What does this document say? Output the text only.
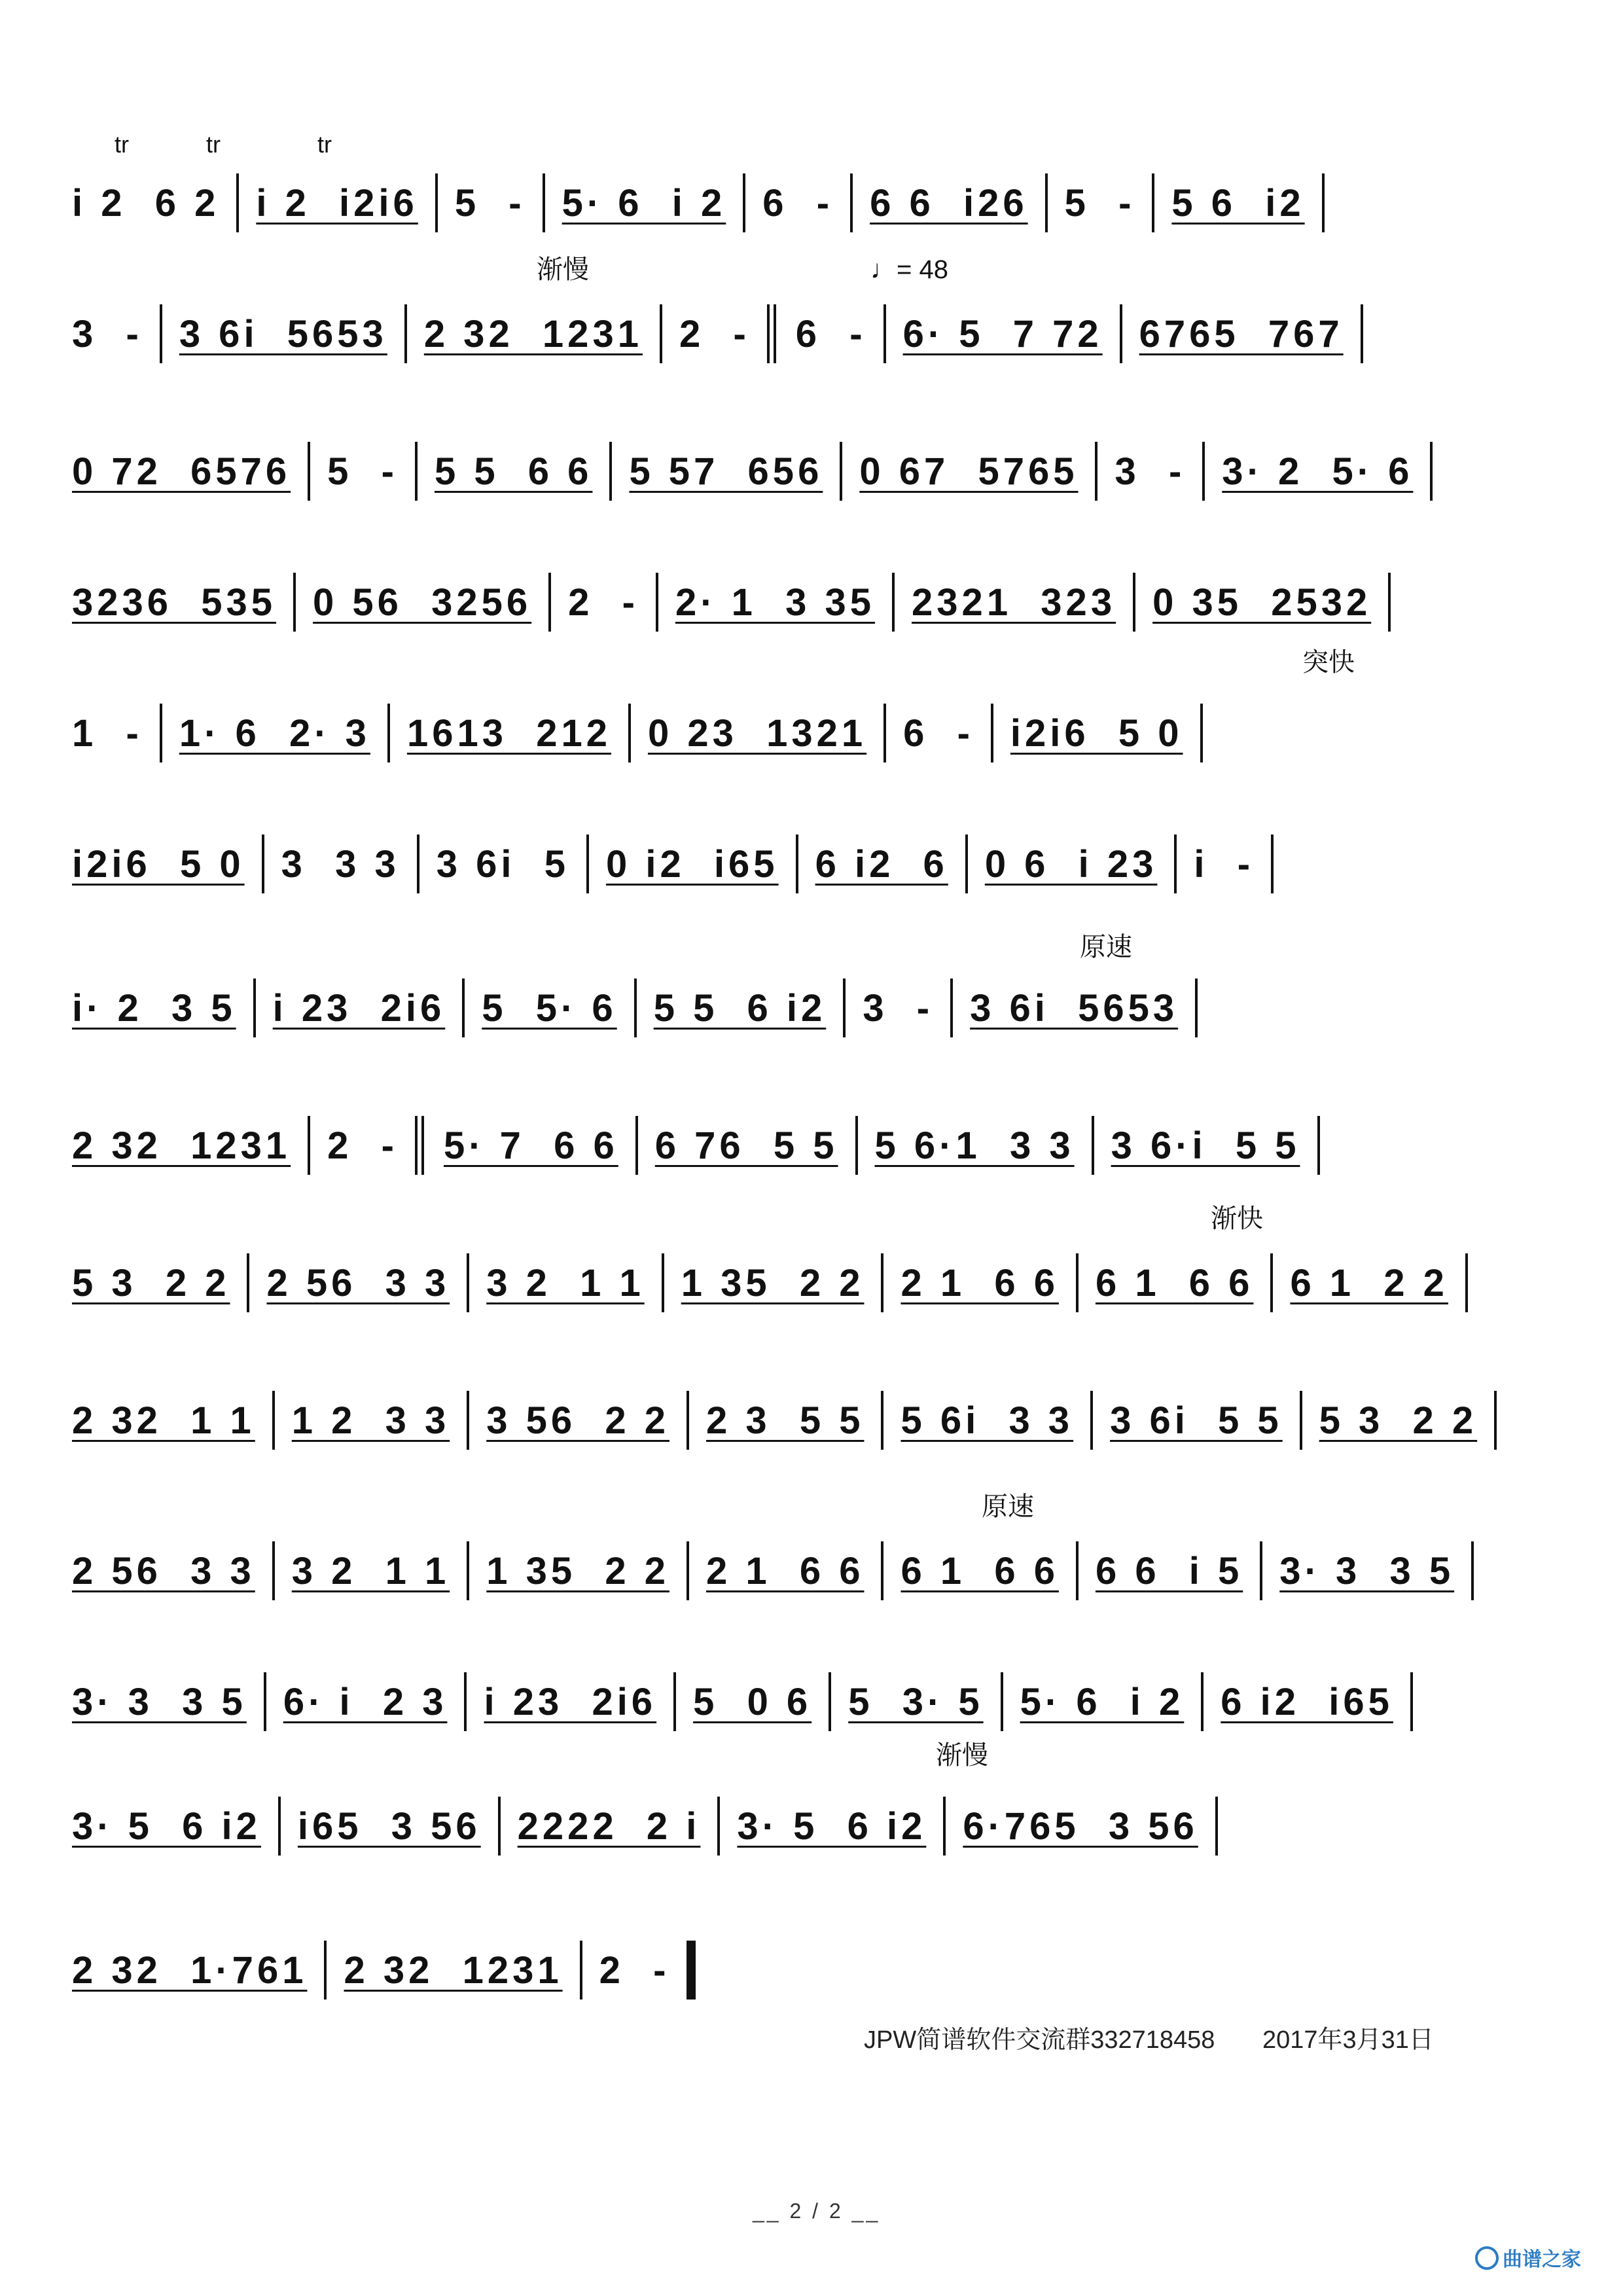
tr	tr	tr
i 2  6 2 i 2  i2i6 5  - 5· 6  i 2 6  - 6 6  i26 5  - 5 6  i2
渐慢	♩= 48
3  - 3 6i  5653 2 32  1231 2  - 6  - 6· 5  7 72 6765  767
0 72  6576 5  - 5 5  6 6 5 57  656 0 67  5765 3  - 3· 2  5· 6
3236  535 0 56  3256 2  - 2· 1  3 35 2321  323 0 35  2532
突快
1  - 1· 6  2· 3 1613  212 0 23  1321 6  - i2i6  5 0
i2i6  5 0 3  3 3 3 6i  5 0 i2  i65 6 i2  6 0 6  i 23 i  -
原速
i· 2  3 5 i 23  2i6 5  5· 6 5 5  6 i2 3  - 3 6i  5653
2 32  1231 2  - 5· 7  6 6 6 76  5 5 5 6·1  3 3 3 6·i  5 5
渐快
5 3  2 2 2 56  3 3 3 2  1 1 1 35  2 2 2 1  6 6 6 1  6 6 6 1  2 2
2 32  1 1 1 2  3 3 3 56  2 2 2 3  5 5 5 6i  3 3 3 6i  5 5 5 3  2 2
原速
2 56  3 3 3 2  1 1 1 35  2 2 2 1  6 6 6 1  6 6 6 6  i 5 3· 3  3 5
3· 3  3 5 6· i  2 3 i 23  2i6 5  0 6 5  3· 5 5· 6  i 2 6 i2  i65
渐慢
3· 5  6 i2 i65  3 56 2222  2 i 3· 5  6 i2 6·765  3 56
2 32  1·761 2 32  1231 2  -
JPW简谱软件交流群332718458 2017年3月31日
__ 2 / 2 __
曲谱之家
